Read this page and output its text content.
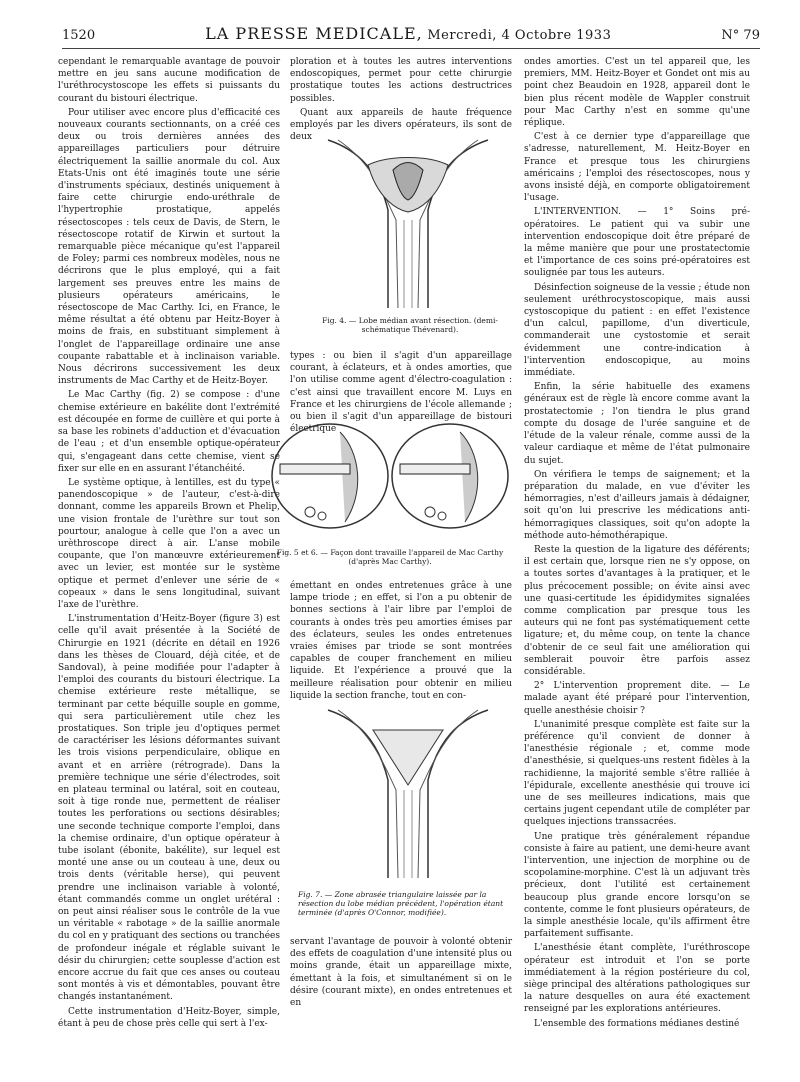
1520	LA PRESSE MEDICALE, Mercredi, 4 Octobre 1933	N° 79

cependant le remarquable avantage de pouvoir mettre en jeu sans aucune modification de l'uréthrocystoscope les effets si puissants du courant du bistouri électrique.

Pour utiliser avec encore plus d'efficacité ces nouveaux courants sectionnants, on a créé ces deux ou trois dernières années des appareillages particuliers pour détruire électriquement la saillie anormale du col. Aux Etats-Unis ont été imaginés toute une série d'instruments spéciaux, destinés uniquement à faire cette chirurgie endo-uréthrale de l'hypertrophie prostatique, appelés résectoscopes : tels ceux de Davis, de Stern, le résectoscope rotatif de Kirwin et surtout la remarquable pièce mécanique qu'est l'appareil de Foley; parmi ces nombreux modèles, nous ne décrirons que le plus employé, qui a fait largement ses preuves entre les mains de plusieurs opérateurs américains, le résectoscope de Mac Carthy. Ici, en France, le même résultat a été obtenu par Heitz-Boyer à moins de frais, en substituant simplement à l'onglet de l'appareillage ordinaire une anse coupante rabattable et à inclinaison variable. Nous décrirons successivement les deux instruments de Mac Carthy et de Heitz-Boyer.

Le Mac Carthy (fig. 2) se compose : d'une chemise extérieure en bakélite dont l'extrémité est découpée en forme de cuillère et qui porte à sa base les robinets d'adduction et d'évacuation de l'eau ; et d'un ensemble optique-opérateur qui, s'engageant dans cette chemise, vient se fixer sur elle en en assurant l'étanchéité.

Le système optique, à lentilles, est du type « panendoscopique » de l'auteur, c'est-à-dire donnant, comme les appareils Brown et Phelip, une vision frontale de l'urèthre sur tout son pourtour, analogue à celle que l'on a avec un urèthroscope direct à air. L'anse mobile coupante, que l'on manœuvre extérieurement avec un levier, est montée sur le système optique et permet d'enlever une série de « copeaux » dans le sens longitudinal, suivant l'axe de l'urèthre.

L'instrumentation d'Heitz-Boyer (figure 3) est celle qu'il avait présentée à la Société de Chirurgie en 1921 (décrite en détail en 1926 dans les thèses de Clouard, déjà citée, et de Sandoval), à peine modifiée pour l'adapter à l'emploi des courants du bistouri électrique. La chemise extérieure reste métallique, se terminant par cette béquille souple en gomme, qui sera particulièrement utile chez les prostatiques. Son triple jeu d'optiques permet de caractériser les lésions déformantes suivant les trois visions perpendiculaire, oblique en avant et en arrière (rétrograde). Dans la première technique une série d'électrodes, soit en plateau terminal ou latéral, soit en couteau, soit à tige ronde nue, permettent de réaliser toutes les perforations ou sections désirables; une seconde technique comporte l'emploi, dans la chemise ordinaire, d'un optique opérateur à tube isolant (ébonite, bakélite), sur lequel est monté une anse ou un couteau à une, deux ou trois dents (véritable herse), qui peuvent prendre une inclinaison variable à volonté, étant commandés comme un onglet urétéral : on peut ainsi réaliser sous le contrôle de la vue un véritable « rabotage » de la saillie anormale du col en y pratiquant des sections ou tranchées de profondeur inégale et réglable suivant le désir du chirurgien; cette souplesse d'action est encore accrue du fait que ces anses ou couteau sont montés à vis et démontables, pouvant être changés instantanément.

Cette instrumentation d'Heitz-Boyer, simple, étant à peu de chose près celle qui sert à l'ex-

ploration et à toutes les autres interventions endoscopiques, permet pour cette chirurgie prostatique toutes les actions destructrices possibles.

Quant aux appareils de haute fréquence employés par les divers opérateurs, ils sont de deux

Fig. 4. — Lobe médian avant résection. (demi-schématique Thévenard).

types : ou bien il s'agit d'un appareillage courant, à éclateurs, et à ondes amorties, que l'on utilise comme agent d'électro-coagulation : c'est ainsi que travaillent encore M. Luys en France et les chirurgiens de l'école allemande ; ou bien il s'agit d'un appareillage de bistouri électrique

Fig. 5 et 6. — Façon dont travaille l'appareil de Mac Carthy (d'après Mac Carthy).

émettant en ondes entretenues grâce à une lampe triode ; en effet, si l'on a pu obtenir de bonnes sections à l'air libre par l'emploi de courants à ondes très peu amorties émises par des éclateurs, seules les ondes entretenues vraies émises par triode se sont montrées capables de couper franchement en milieu liquide. Et l'expérience a prouvé que la meilleure réalisation pour obtenir en milieu liquide la section franche, tout en con-

Fig. 7. — Zone abrasée triangulaire laissée par la résection du lobe médian précédent, l'opération étant terminée (d'après O'Connor, modifiée).

servant l'avantage de pouvoir à volonté obtenir des effets de coagulation d'une intensité plus ou moins grande, était un appareillage mixte, émettant à la fois, et simultanément si on le désire (courant mixte), en ondes entretenues et en

ondes amorties. C'est un tel appareil que, les premiers, MM. Heitz-Boyer et Gondet ont mis au point chez Beaudoin en 1928, appareil dont le bien plus récent modèle de Wappler construit pour Mac Carthy n'est en somme qu'une réplique.

C'est à ce dernier type d'appareillage que s'adresse, naturellement, M. Heitz-Boyer en France et presque tous les chirurgiens américains ; l'emploi des résectoscopes, nous y avons insisté déjà, en comporte obligatoirement l'usage.

L'INTERVENTION. — 1° Soins pré-opératoires. Le patient qui va subir une intervention endoscopique doit être préparé de la même manière que pour une prostatectomie et l'importance de ces soins pré-opératoires est soulignée par tous les auteurs.

Désinfection soigneuse de la vessie ; étude non seulement uréthrocystoscopique, mais aussi cystoscopique du patient : en effet l'existence d'un calcul, papillome, d'un diverticule, commanderait une cystostomie et serait évidemment une contre-indication à l'intervention endoscopique, au moins immédiate.

Enfin, la série habituelle des examens généraux est de règle là encore comme avant la prostatectomie ; l'on tiendra le plus grand compte du dosage de l'urée sanguine et de l'étude de la valeur rénale, comme aussi de la valeur cardiaque et même de l'état pulmonaire du sujet.

On vérifiera le temps de saignement; et la préparation du malade, en vue d'éviter les hémorragies, n'est d'ailleurs jamais à dédaigner, soit qu'on lui prescrive les médications anti-hémorragiques classiques, soit qu'on adopte la méthode auto-hémothérapique.

Reste la question de la ligature des déférents; il est certain que, lorsque rien ne s'y oppose, on a toutes sortes d'avantages à la pratiquer, et le plus précocement possible; on évite ainsi avec une quasi-certitude les épididymites signalées comme complication par presque tous les auteurs qui ne font pas systématiquement cette ligature; et, du même coup, on tente la chance d'obtenir de ce seul fait une amélioration qui semblerait pouvoir être parfois assez considérable.

2° L'intervention proprement dite. — Le malade ayant été préparé pour l'intervention, quelle anesthésie choisir ?

L'unanimité presque complète est faite sur la préférence qu'il convient de donner à l'anesthésie régionale ; et, comme mode d'anesthésie, si quelques-uns restent fidèles à la rachidienne, la majorité semble s'être ralliée à l'épidurale, excellente anesthésie qui trouve ici une de ses meilleures indications, mais que certains jugent cependant utile de compléter par quelques injections transsacrées.

Une pratique très généralement répandue consiste à faire au patient, une demi-heure avant l'intervention, une injection de morphine ou de scopolamine-morphine. C'est là un adjuvant très précieux, dont l'utilité est certainement beaucoup plus grande encore lorsqu'on se contente, comme le font plusieurs opérateurs, de la simple anesthésie locale, qu'ils affirment être parfaitement suffisante.

L'anesthésie étant complète, l'uréthroscope opérateur est introduit et l'on se porte immédiatement à la région postérieure du col, siège principal des altérations pathologiques sur la nature desquelles on aura été exactement renseigné par les explorations antérieures.

L'ensemble des formations médianes destiné
